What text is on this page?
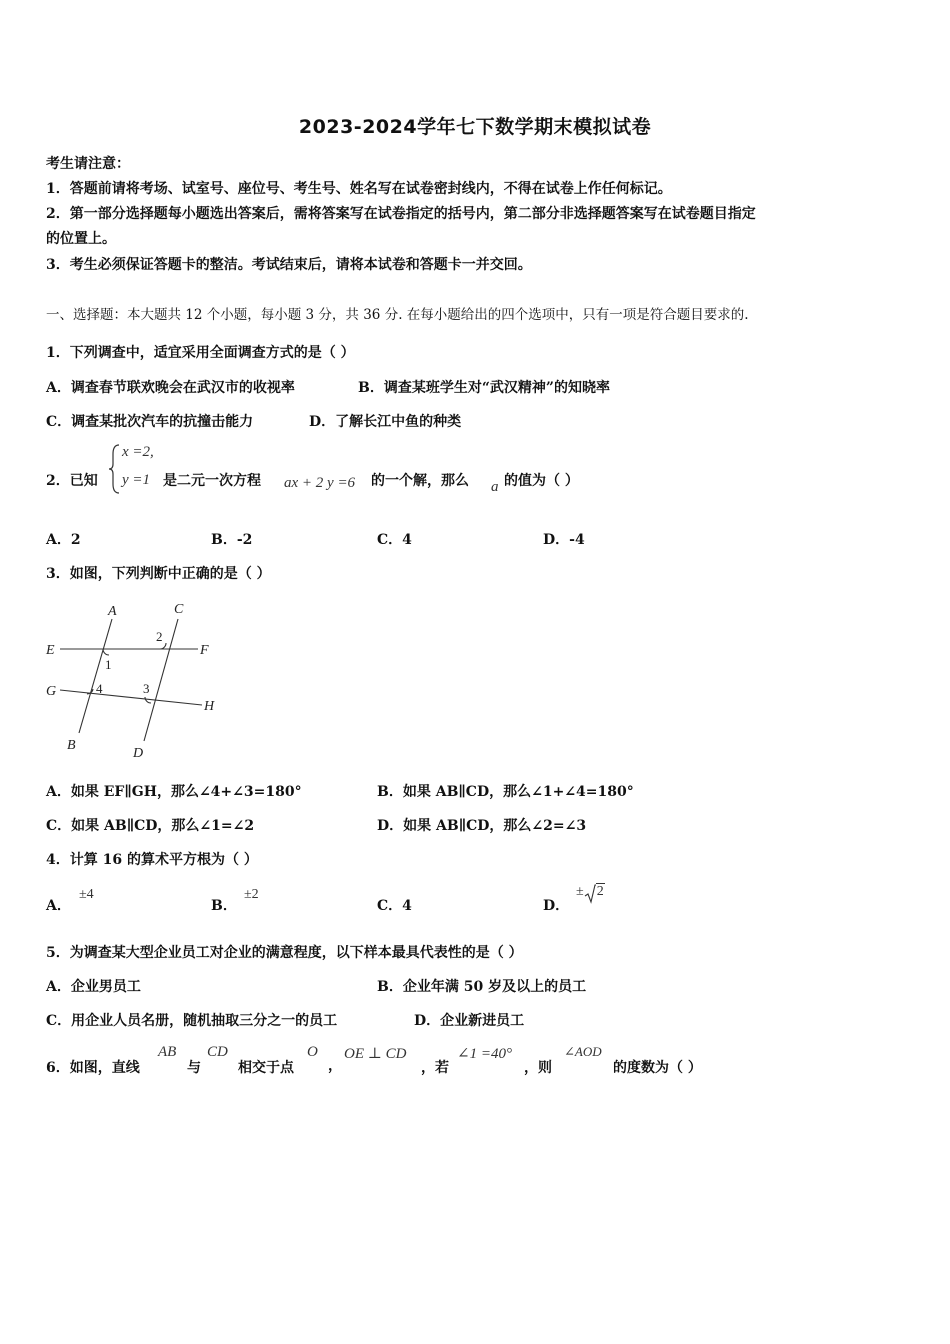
2023-2024学年七下数学期末模拟试卷
考生请注意：
1．答题前请将考场、试室号、座位号、考生号、姓名写在试卷密封线内，不得在试卷上作任何标记。
2．第一部分选择题每小题选出答案后，需将答案写在试卷指定的括号内，第二部分非选择题答案写在试卷题目指定
的位置上。
3．考生必须保证答题卡的整洁。考试结束后，请将本试卷和答题卡一并交回。
一、选择题：本大题共 12 个小题，每小题 3 分，共 36 分. 在每小题给出的四个选项中，只有一项是符合题目要求的.
1．下列调查中，适宜采用全面调查方式的是（ ）
A．调查春节联欢晚会在武汉市的收视率	B．调查某班学生对“武汉精神”的知晓率
C．调查某批次汽车的抗撞击能力	D．了解长江中鱼的种类
2．已知
x =2,
y =1 是二元一次方程 ax + 2 y =6 的一个解，那么 a 的值为（ ）
A．2	B．-2	C．4	D．-4
3．如图，下列判断中正确的是（ ）
A
B
C
D
E	F
G
H
1
2
3
4
A．如果 EF∥GH，那么∠4+∠3=180°	B．如果 AB∥CD，那么∠1+∠4=180°
C．如果 AB∥CD，那么∠1=∠2	D．如果 AB∥CD，那么∠2=∠3
4．计算 16 的算术平方根为（ ）
A．
±4
B．
±2
C．4	D．
± 2
5．为调查某大型企业员工对企业的满意程度，以下样本最具代表性的是（ ）
A．企业男员工	B．企业年满 50 岁及以上的员工
C．用企业人员名册，随机抽取三分之一的员工	D．企业新进员工
6．如图，直线
AB
与
CD
相交于点
O
，
OE ⊥ CD
，若
∠1 =40°
，则
∠AOD
的度数为（ ）
